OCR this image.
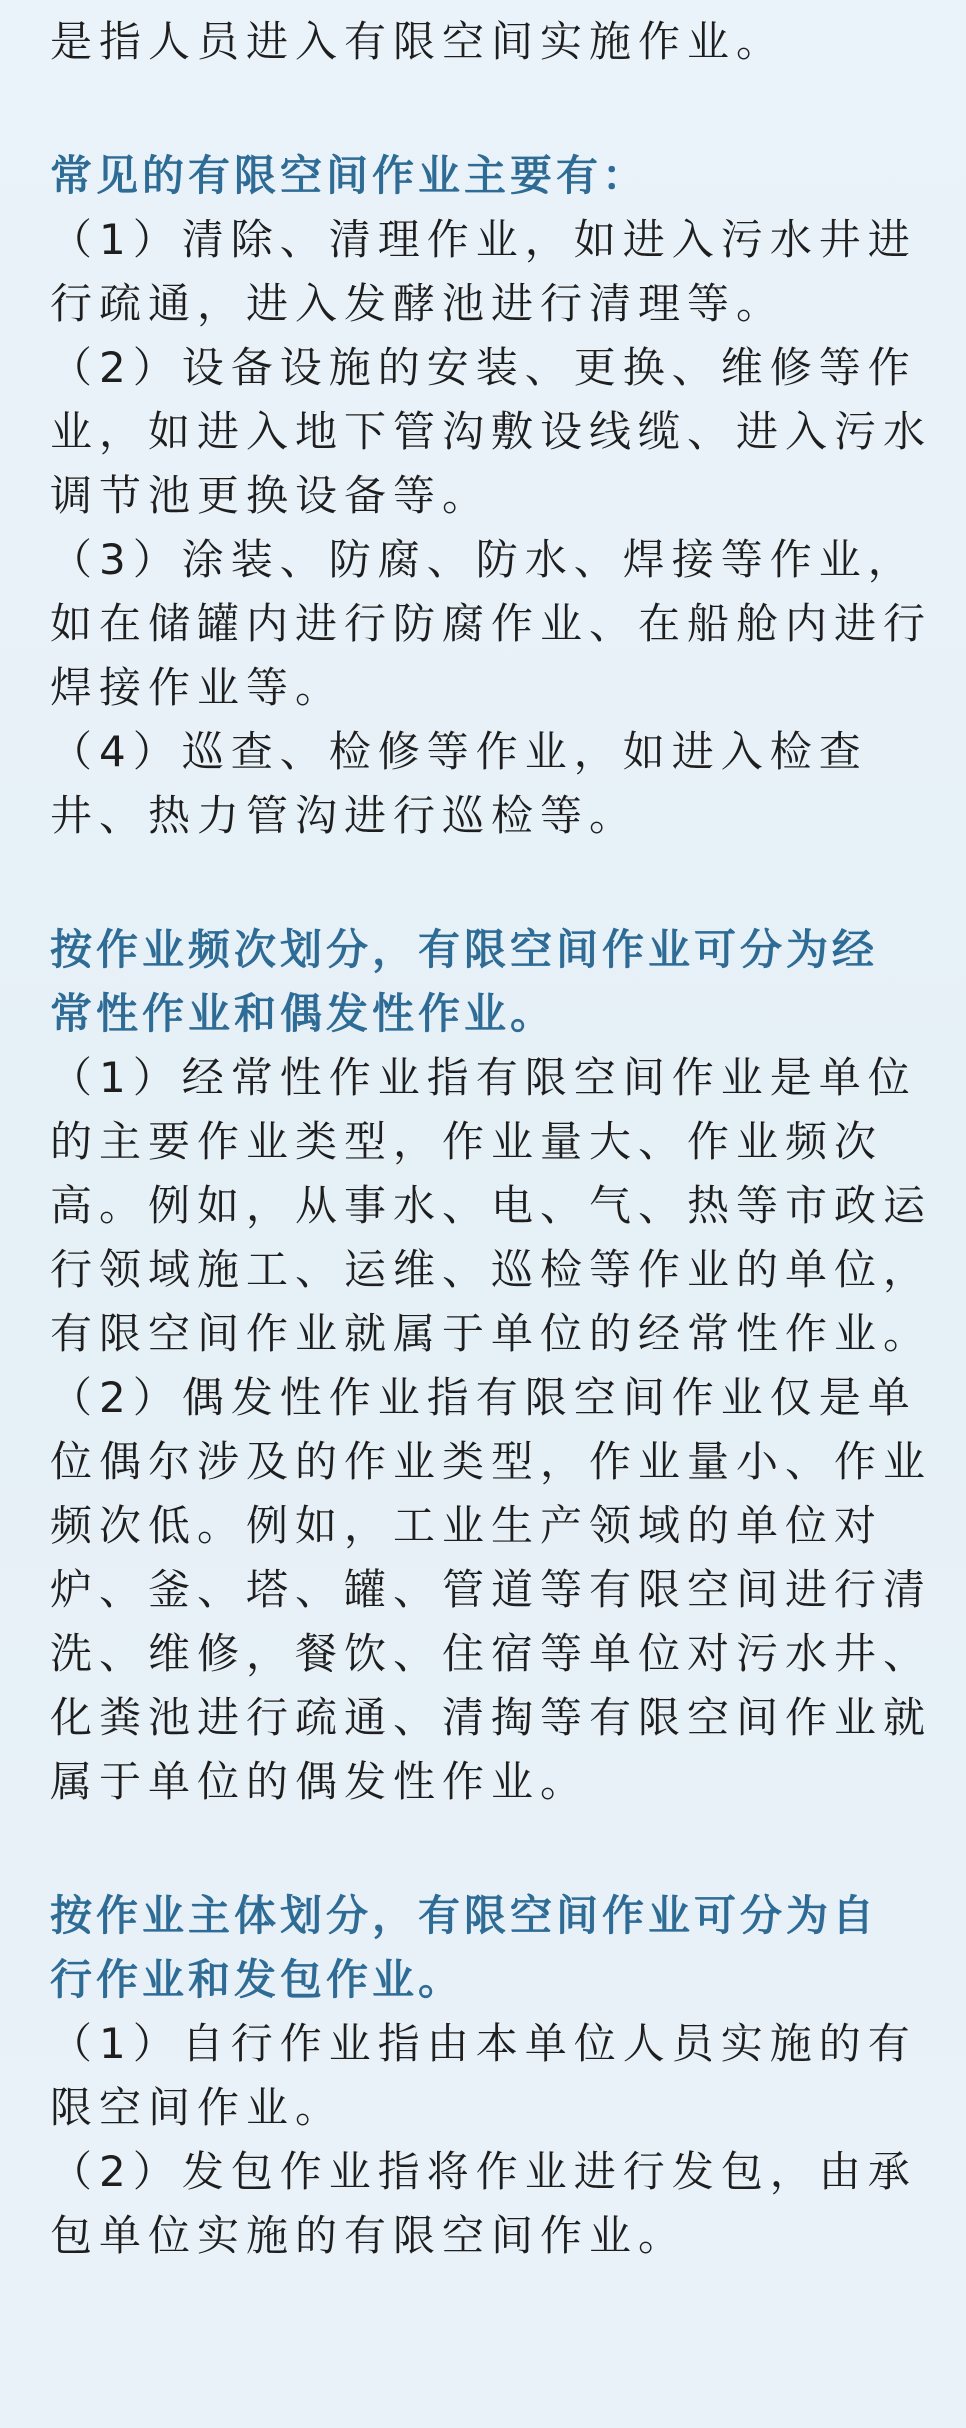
是指人员进入有限空间实施作业。
常见的有限空间作业主要有：
（1）清除、清理作业，如进入污水井进
行疏通，进入发酵池进行清理等。
（2）设备设施的安装、更换、维修等作
业，如进入地下管沟敷设线缆、进入污水
调节池更换设备等。
（3）涂装、防腐、防水、焊接等作业，
如在储罐内进行防腐作业、在船舱内进行
焊接作业等。
（4）巡查、检修等作业，如进入检查
井、热力管沟进行巡检等。
按作业频次划分，有限空间作业可分为经
常性作业和偶发性作业。
（1）经常性作业指有限空间作业是单位
的主要作业类型，作业量大、作业频次
高。例如，从事水、电、气、热等市政运
行领域施工、运维、巡检等作业的单位，
有限空间作业就属于单位的经常性作业。
（2）偶发性作业指有限空间作业仅是单
位偶尔涉及的作业类型，作业量小、作业
频次低。例如，工业生产领域的单位对
炉、釜、塔、罐、管道等有限空间进行清
洗、维修，餐饮、住宿等单位对污水井、
化粪池进行疏通、清掏等有限空间作业就
属于单位的偶发性作业。
按作业主体划分，有限空间作业可分为自
行作业和发包作业。
（1）自行作业指由本单位人员实施的有
限空间作业。
（2）发包作业指将作业进行发包，由承
包单位实施的有限空间作业。
